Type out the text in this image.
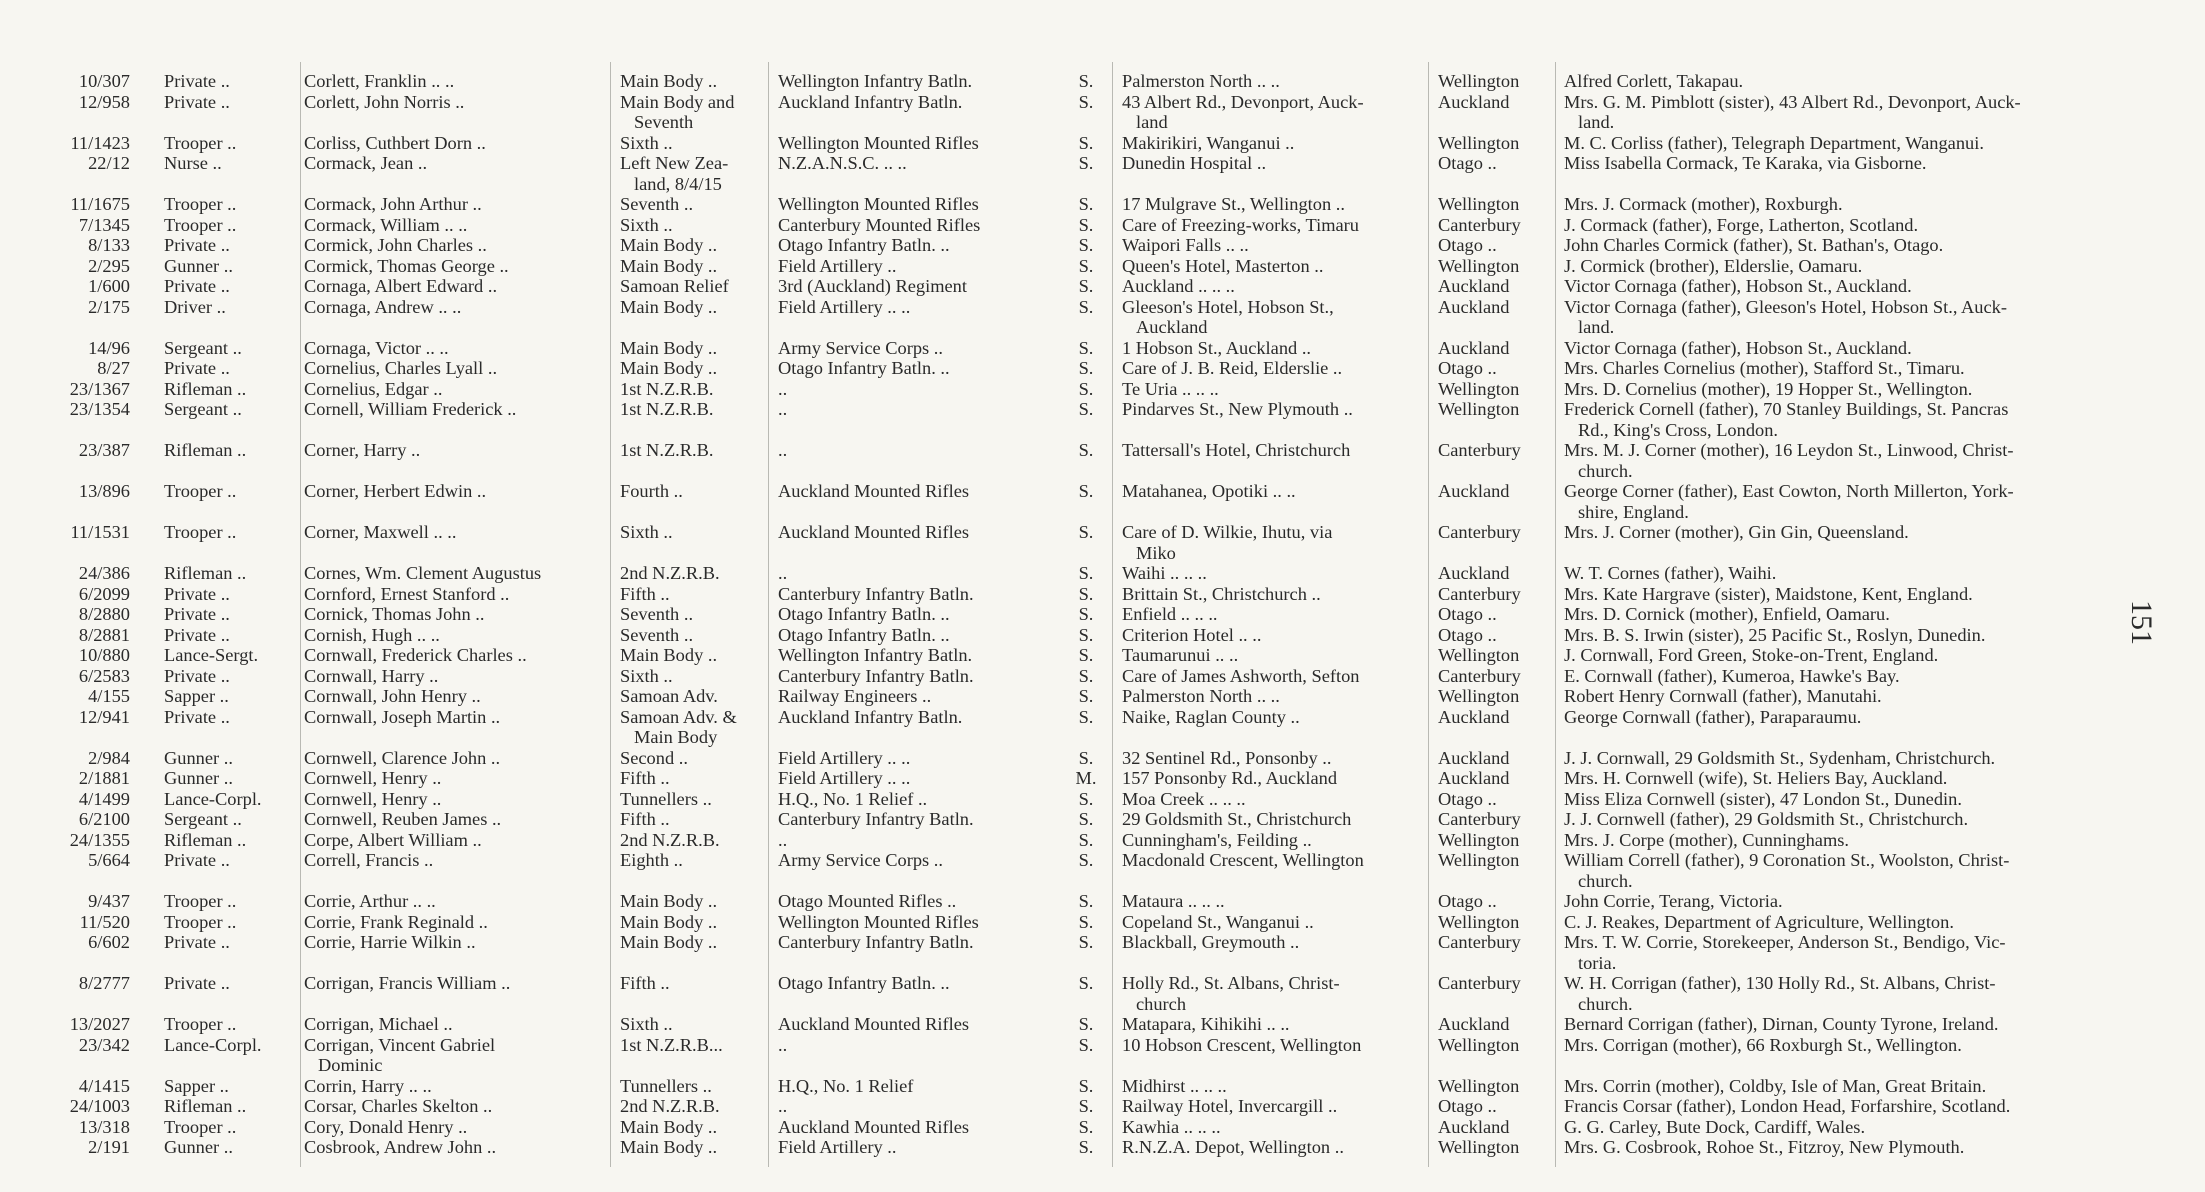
10/307 Private ..	Corlett, Franklin .. ..	Main Body ..	Wellington Infantry Batln.	S.	Palmerston North .. ..	Wellington	Alfred Corlett, Takapau.
12/958 Private ..	Corlett, John Norris ..	Main Body and	Auckland Infantry Batln.	S.	43 Albert Rd., Devonport, Auck-	Auckland	Mrs. G. M. Pimblott (sister), 43 Albert Rd., Devonport, Auck-
Seventh	land	land.
11/1423 Trooper ..	Corliss, Cuthbert Dorn ..	Sixth ..	Wellington Mounted Rifles	S.	Makirikiri, Wanganui ..	Wellington	M. C. Corliss (father), Telegraph Department, Wanganui.
22/12 Nurse ..	Cormack, Jean ..	Left New Zea-	N.Z.A.N.S.C. .. ..	S.	Dunedin Hospital ..	Otago ..	Miss Isabella Cormack, Te Karaka, via Gisborne.
land, 8/4/15
11/1675 Trooper ..	Cormack, John Arthur ..	Seventh ..	Wellington Mounted Rifles	S.	17 Mulgrave St., Wellington ..	Wellington	Mrs. J. Cormack (mother), Roxburgh.
7/1345 Trooper ..	Cormack, William .. ..	Sixth ..	Canterbury Mounted Rifles	S.	Care of Freezing-works, Timaru	Canterbury	J. Cormack (father), Forge, Latherton, Scotland.
8/133 Private ..	Cormick, John Charles ..	Main Body ..	Otago Infantry Batln. ..	S.	Waipori Falls .. ..	Otago ..	John Charles Cormick (father), St. Bathan's, Otago.
2/295 Gunner ..	Cormick, Thomas George ..	Main Body ..	Field Artillery ..	S.	Queen's Hotel, Masterton ..	Wellington	J. Cormick (brother), Elderslie, Oamaru.
1/600 Private ..	Cornaga, Albert Edward ..	Samoan Relief	3rd (Auckland) Regiment	S.	Auckland .. .. ..	Auckland	Victor Cornaga (father), Hobson St., Auckland.
2/175 Driver ..	Cornaga, Andrew .. ..	Main Body ..	Field Artillery .. ..	S.	Gleeson's Hotel, Hobson St.,	Auckland	Victor Cornaga (father), Gleeson's Hotel, Hobson St., Auck-
Auckland	land.
14/96 Sergeant ..	Cornaga, Victor .. ..	Main Body ..	Army Service Corps ..	S.	1 Hobson St., Auckland ..	Auckland	Victor Cornaga (father), Hobson St., Auckland.
8/27 Private ..	Cornelius, Charles Lyall ..	Main Body ..	Otago Infantry Batln. ..	S.	Care of J. B. Reid, Elderslie ..	Otago ..	Mrs. Charles Cornelius (mother), Stafford St., Timaru.
23/1367 Rifleman ..	Cornelius, Edgar ..	1st N.Z.R.B.	..	S.	Te Uria .. .. ..	Wellington	Mrs. D. Cornelius (mother), 19 Hopper St., Wellington.
23/1354 Sergeant ..	Cornell, William Frederick ..	1st N.Z.R.B.	..	S.	Pindarves St., New Plymouth ..	Wellington	Frederick Cornell (father), 70 Stanley Buildings, St. Pancras
Rd., King's Cross, London.
23/387 Rifleman ..	Corner, Harry ..	1st N.Z.R.B.	..	S.	Tattersall's Hotel, Christchurch	Canterbury	Mrs. M. J. Corner (mother), 16 Leydon St., Linwood, Christ-
church.
13/896 Trooper ..	Corner, Herbert Edwin ..	Fourth ..	Auckland Mounted Rifles	S.	Matahanea, Opotiki .. ..	Auckland	George Corner (father), East Cowton, North Millerton, York-
shire, England.
11/1531 Trooper ..	Corner, Maxwell .. ..	Sixth ..	Auckland Mounted Rifles	S.	Care of D. Wilkie, Ihutu, via	Canterbury	Mrs. J. Corner (mother), Gin Gin, Queensland.
Miko
24/386 Rifleman ..	Cornes, Wm. Clement Augustus	2nd N.Z.R.B.	..	S.	Waihi .. .. ..	Auckland	W. T. Cornes (father), Waihi.
6/2099 Private ..	Cornford, Ernest Stanford ..	Fifth ..	Canterbury Infantry Batln.	S.	Brittain St., Christchurch ..	Canterbury	Mrs. Kate Hargrave (sister), Maidstone, Kent, England.
8/2880 Private ..	Cornick, Thomas John ..	Seventh ..	Otago Infantry Batln. ..	S.	Enfield .. .. ..	Otago ..	Mrs. D. Cornick (mother), Enfield, Oamaru.
8/2881 Private ..	Cornish, Hugh .. ..	Seventh ..	Otago Infantry Batln. ..	S.	Criterion Hotel .. ..	Otago ..	Mrs. B. S. Irwin (sister), 25 Pacific St., Roslyn, Dunedin.
10/880 Lance-Sergt.	Cornwall, Frederick Charles ..	Main Body ..	Wellington Infantry Batln.	S.	Taumarunui .. ..	Wellington	J. Cornwall, Ford Green, Stoke-on-Trent, England.
6/2583 Private ..	Cornwall, Harry ..	Sixth ..	Canterbury Infantry Batln.	S.	Care of James Ashworth, Sefton	Canterbury	E. Cornwall (father), Kumeroa, Hawke's Bay.
4/155 Sapper ..	Cornwall, John Henry ..	Samoan Adv.	Railway Engineers ..	S.	Palmerston North .. ..	Wellington	Robert Henry Cornwall (father), Manutahi.
12/941 Private ..	Cornwall, Joseph Martin ..	Samoan Adv. &	Auckland Infantry Batln.	S.	Naike, Raglan County ..	Auckland	George Cornwall (father), Paraparaumu.
Main Body
2/984 Gunner ..	Cornwell, Clarence John ..	Second ..	Field Artillery .. ..	S.	32 Sentinel Rd., Ponsonby ..	Auckland	J. J. Cornwall, 29 Goldsmith St., Sydenham, Christchurch.
2/1881 Gunner ..	Cornwell, Henry ..	Fifth ..	Field Artillery .. ..	M.	157 Ponsonby Rd., Auckland	Auckland	Mrs. H. Cornwell (wife), St. Heliers Bay, Auckland.
4/1499 Lance-Corpl.	Cornwell, Henry ..	Tunnellers ..	H.Q., No. 1 Relief ..	S.	Moa Creek .. .. ..	Otago ..	Miss Eliza Cornwell (sister), 47 London St., Dunedin.
6/2100 Sergeant ..	Cornwell, Reuben James ..	Fifth ..	Canterbury Infantry Batln.	S.	29 Goldsmith St., Christchurch	Canterbury	J. J. Cornwell (father), 29 Goldsmith St., Christchurch.
24/1355 Rifleman ..	Corpe, Albert William ..	2nd N.Z.R.B.	..	S.	Cunningham's, Feilding ..	Wellington	Mrs. J. Corpe (mother), Cunninghams.
5/664 Private ..	Correll, Francis ..	Eighth ..	Army Service Corps ..	S.	Macdonald Crescent, Wellington	Wellington	William Correll (father), 9 Coronation St., Woolston, Christ-
church.
9/437 Trooper ..	Corrie, Arthur .. ..	Main Body ..	Otago Mounted Rifles ..	S.	Mataura .. .. ..	Otago ..	John Corrie, Terang, Victoria.
11/520 Trooper ..	Corrie, Frank Reginald ..	Main Body ..	Wellington Mounted Rifles	S.	Copeland St., Wanganui ..	Wellington	C. J. Reakes, Department of Agriculture, Wellington.
6/602 Private ..	Corrie, Harrie Wilkin ..	Main Body ..	Canterbury Infantry Batln.	S.	Blackball, Greymouth ..	Canterbury	Mrs. T. W. Corrie, Storekeeper, Anderson St., Bendigo, Vic-
toria.
8/2777 Private ..	Corrigan, Francis William ..	Fifth ..	Otago Infantry Batln. ..	S.	Holly Rd., St. Albans, Christ-	Canterbury	W. H. Corrigan (father), 130 Holly Rd., St. Albans, Christ-
church	church.
13/2027 Trooper ..	Corrigan, Michael ..	Sixth ..	Auckland Mounted Rifles	S.	Matapara, Kihikihi .. ..	Auckland	Bernard Corrigan (father), Dirnan, County Tyrone, Ireland.
23/342 Lance-Corpl.	Corrigan, Vincent Gabriel	1st N.Z.R.B...	..	S.	10 Hobson Crescent, Wellington	Wellington	Mrs. Corrigan (mother), 66 Roxburgh St., Wellington.
Dominic
4/1415 Sapper ..	Corrin, Harry .. ..	Tunnellers ..	H.Q., No. 1 Relief	S.	Midhirst .. .. ..	Wellington	Mrs. Corrin (mother), Coldby, Isle of Man, Great Britain.
24/1003 Rifleman ..	Corsar, Charles Skelton ..	2nd N.Z.R.B.	..	S.	Railway Hotel, Invercargill ..	Otago ..	Francis Corsar (father), London Head, Forfarshire, Scotland.
13/318 Trooper ..	Cory, Donald Henry ..	Main Body ..	Auckland Mounted Rifles	S.	Kawhia .. .. ..	Auckland	G. G. Carley, Bute Dock, Cardiff, Wales.
2/191 Gunner ..	Cosbrook, Andrew John ..	Main Body ..	Field Artillery ..	S.	R.N.Z.A. Depot, Wellington ..	Wellington	Mrs. G. Cosbrook, Rohoe St., Fitzroy, New Plymouth.
151
